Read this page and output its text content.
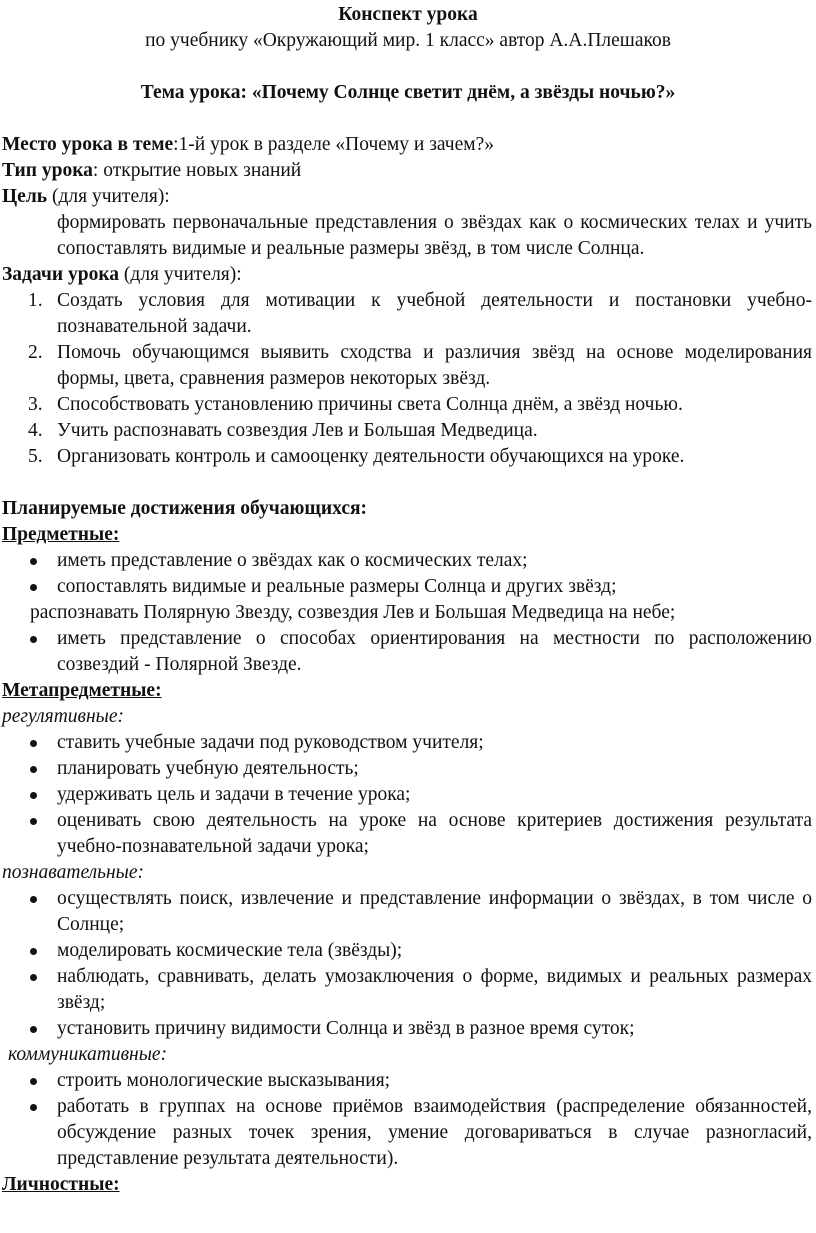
Конспект урока
по учебнику «Окружающий мир. 1 класс» автор А.А.Плешаков
Тема урока: «Почему Солнце светит днём, а звёзды ночью?»
Место урока в теме:1-й урок в разделе «Почему и зачем?»
Тип урока: открытие новых знаний
Цель (для учителя):
формировать первоначальные представления о звёздах как о космических телах и учить сопоставлять видимые и реальные размеры звёзд, в том числе Солнца.
Задачи урока (для учителя):
1. Создать условия для мотивации к учебной деятельности и постановки учебно-познавательной задачи.
2. Помочь обучающимся выявить сходства и различия звёзд на основе моделирования формы, цвета, сравнения размеров некоторых звёзд.
3. Способствовать установлению причины света Солнца днём, а звёзд ночью.
4. Учить распознавать созвездия Лев и Большая Медведица.
5. Организовать контроль и самооценку деятельности обучающихся на уроке.
Планируемые достижения обучающихся:
Предметные:
иметь представление о звёздах как о космических телах;
сопоставлять видимые и реальные размеры Солнца и других звёзд;
распознавать Полярную Звезду, созвездия Лев и Большая Медведица на небе;
иметь представление о способах ориентирования на местности по расположению созвездий - Полярной Звезде.
Метапредметные:
регулятивные:
ставить учебные задачи под руководством учителя;
планировать учебную деятельность;
удерживать цель и задачи в течение урока;
оценивать свою деятельность на уроке на основе критериев достижения результата учебно-познавательной задачи урока;
познавательные:
осуществлять поиск, извлечение и представление информации о звёздах, в том числе о Солнце;
моделировать космические тела (звёзды);
наблюдать, сравнивать, делать умозаключения о форме, видимых и реальных размерах звёзд;
установить причину видимости Солнца и звёзд в разное время суток;
коммуникативные:
строить монологические высказывания;
работать в группах на основе приёмов взаимодействия (распределение обязанностей, обсуждение разных точек зрения, умение договариваться в случае разногласий, представление результата деятельности).
Личностные:
